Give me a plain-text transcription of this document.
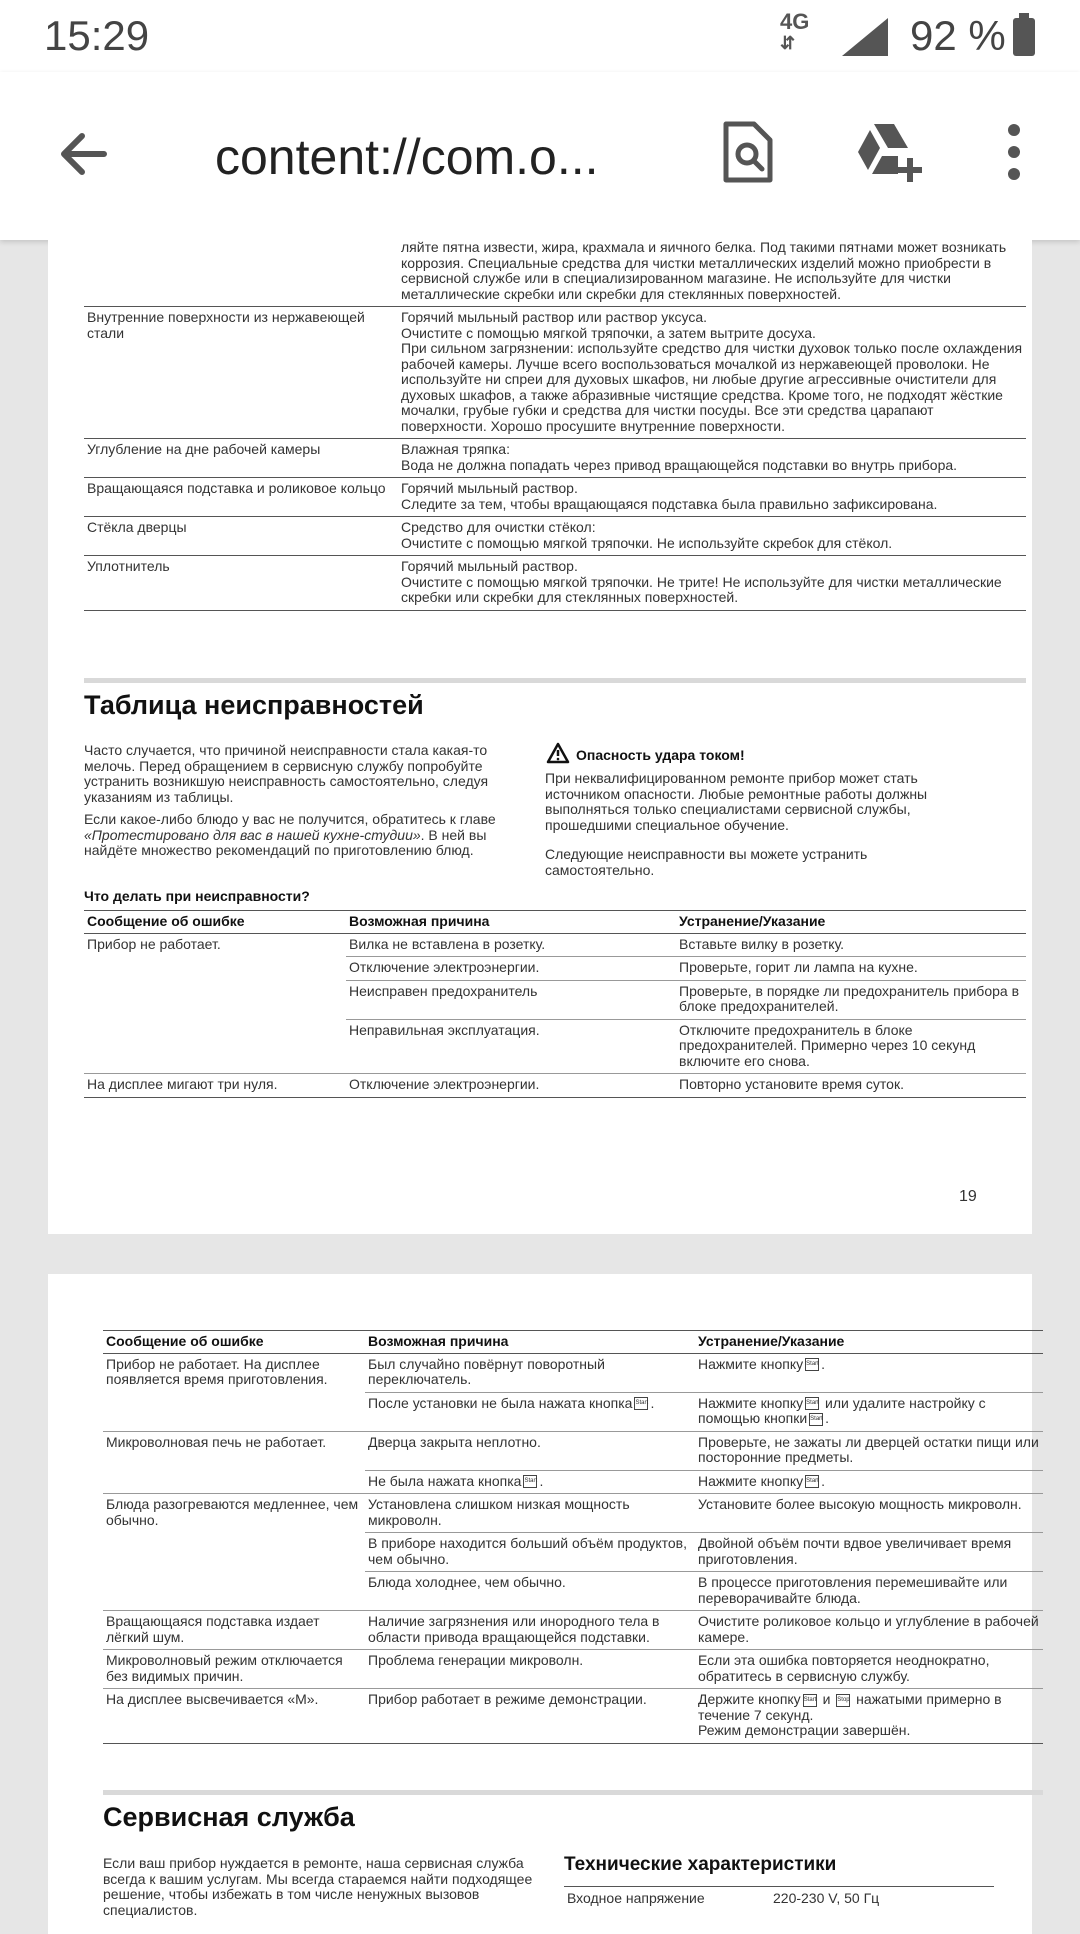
15:29	4G
⇵	92 %
content://com.o...
	ляйте пятна извести, жира, крахмала и яичного белка. Под такими пятнами может возникать коррозия. Специальные средства для чистки металлических изделий можно приобрести в сервисной службе или в специализированном магазине. Не используйте для чистки металлические скребки или скребки для стеклянных поверхностей.
Внутренние поверхности из нержавеющей стали	Горячий мыльный раствор или раствор уксуса.
Очистите с помощью мягкой тряпочки, а затем вытрите досуха.
При сильном загрязнении: используйте средство для чистки духовок только после охлаждения рабочей камеры. Лучше всего воспользоваться мочалкой из нержавеющей проволоки. Не используйте ни спреи для духовых шкафов, ни любые другие агрессивные очистители для духовых шкафов, а также абразивные чистящие средства. Кроме того, не подходят жёсткие мочалки, грубые губки и средства для чистки посуды. Все эти средства царапают поверхности. Хорошо просушите внутренние поверхности.
Углубление на дне рабочей камеры	Влажная тряпка:
Вода не должна попадать через привод вращающейся подставки во внутрь прибора.
Вращающаяся подставка и роликовое кольцо	Горячий мыльный раствор.
Следите за тем, чтобы вращающаяся подставка была правильно зафиксирована.
Стёкла дверцы	Средство для очистки стёкол:
Очистите с помощью мягкой тряпочки. Не используйте скребок для стёкол.
Уплотнитель	Горячий мыльный раствор.
Очистите с помощью мягкой тряпочки. Не трите! Не используйте для чистки металлические скребки или скребки для стеклянных поверхностей.
Таблица неисправностей

Часто случается, что причиной неисправности стала какая-то мелочь. Перед обращением в сервисную службу попробуйте устранить возникшую неисправность самостоятельно, следуя указаниям из таблицы.

Если какое-либо блюдо у вас не получится, обратитесь к главе «Протестировано для вас в нашей кухне-студии». В ней вы найдёте множество рекомендаций по приготовлению блюд.

Опасность удара током!

При неквалифицированном ремонте прибор может стать источником опасности. Любые ремонтные работы должны выполняться только специалистами сервисной службы, прошедшими специальное обучение.

Следующие неисправности вы можете устранить самостоятельно.

Что делать при неисправности?
Сообщение об ошибке	Возможная причина	Устранение/Указание
Прибор не работает.	Вилка не вставлена в розетку.	Вставьте вилку в розетку.
	Отключение электроэнергии.	Проверьте, горит ли лампа на кухне.
	Неисправен предохранитель	Проверьте, в порядке ли предохранитель прибора в блоке предохранителей.
	Неправильная эксплуатация.	Отключите предохранитель в блоке предохранителей. Примерно через 10 секунд включите его снова.
На дисплее мигают три нуля.	Отключение электроэнергии.	Повторно установите время суток.
19
Сообщение об ошибке	Возможная причина	Устранение/Указание
Прибор не работает. На дисплее появляется время приготовления.	Был случайно повёрнут поворотный переключатель.	Нажмите кнопку Start .
	После установки не была нажата кнопка Start .	Нажмите кнопку Start или удалите настройку с помощью кнопки Start .
Микроволновая печь не работает.	Дверца закрыта неплотно.	Проверьте, не зажаты ли дверцей остатки пищи или посторонние предметы.
	Не была нажата кнопка Start .	Нажмите кнопку Start .
Блюда разогреваются медленнее, чем обычно.	Установлена слишком низкая мощность микроволн.	Установите более высокую мощность микроволн.
	В приборе находится больший объём продуктов, чем обычно.	Двойной объём почти вдвое увеличивает время приготовления.
	Блюда холоднее, чем обычно.	В процессе приготовления перемешивайте или переворачивайте блюда.
Вращающаяся подставка издает лёгкий шум.	Наличие загрязнения или инородного тела в области привода вращающейся подставки.	Очистите роликовое кольцо и углубление в рабочей камере.
Микроволновый режим отключается без видимых причин.	Проблема генерации микроволн.	Если эта ошибка повторяется неоднократно, обратитесь в сервисную службу.
На дисплее высвечивается «M».	Прибор работает в режиме демонстрации.	Держите кнопку Start и Stop нажатыми примерно в течение 7 секунд.
Режим демонстрации завершён.
Сервисная служба

Если ваш прибор нуждается в ремонте, наша сервисная служба всегда к вашим услугам. Мы всегда стараемся найти подходящее решение, чтобы избежать в том числе ненужных вызовов специалистов.

Технические характеристики
Входное напряжение	220-230 V, 50 Гц
